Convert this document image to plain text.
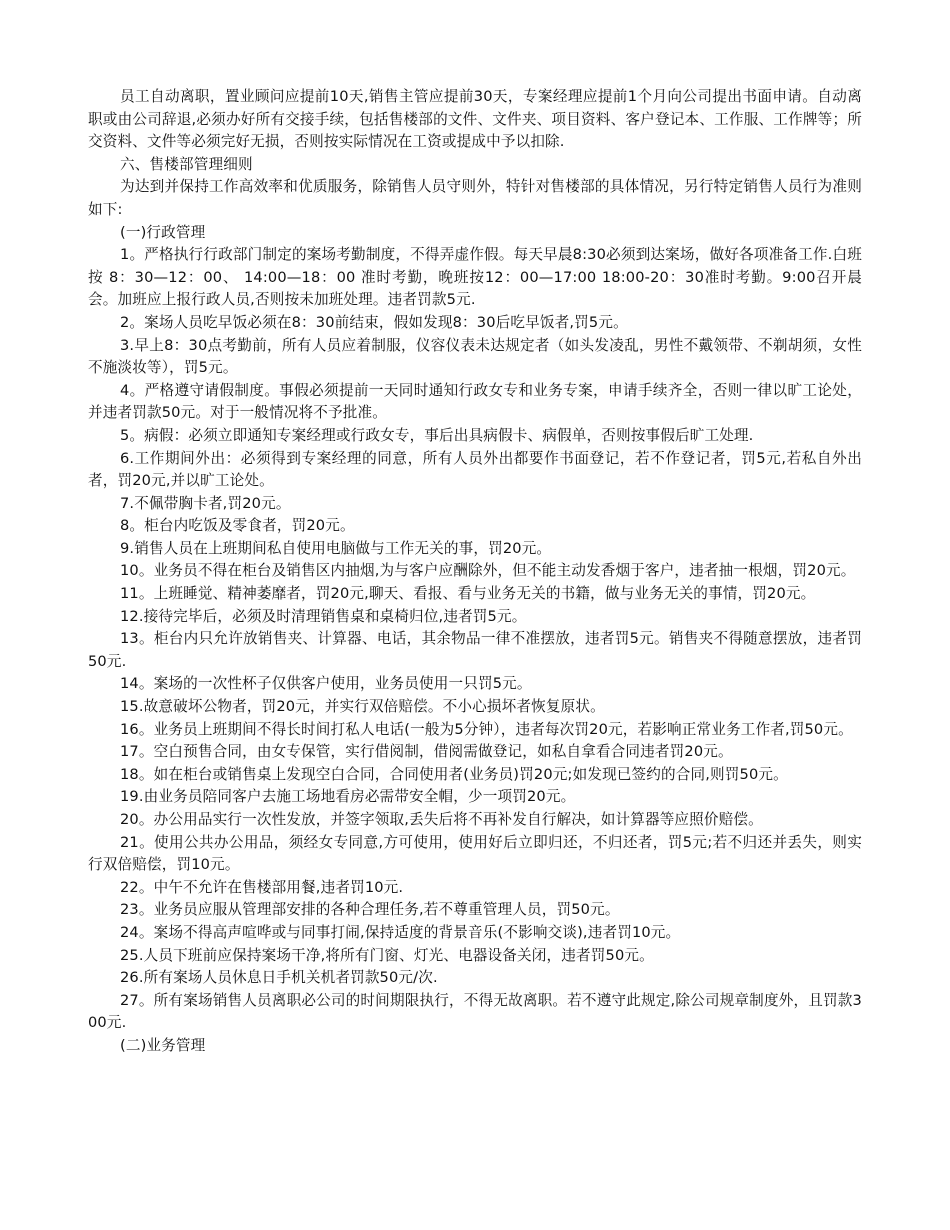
员工自动离职，置业顾问应提前10天,销售主管应提前30天，专案经理应提前1个月向公司提出书面申请。自动离职或由公司辞退,必须办好所有交接手续，包括售楼部的文件、文件夹、项目资料、客户登记本、工作服、工作牌等；所交资料、文件等必须完好无损，否则按实际情况在工资或提成中予以扣除.

六、售楼部管理细则

为达到并保持工作高效率和优质服务，除销售人员守则外，特针对售楼部的具体情况，另行特定销售人员行为准则如下:

(一)行政管理

1。严格执行行政部门制定的案场考勤制度，不得弄虚作假。每天早晨8:30必须到达案场，做好各项准备工作.白班按 8：30—12：00、 14:00—18：00 准时考勤，晚班按12：00—17:00 18:00-20：30准时考勤。9:00召开晨会。加班应上报行政人员,否则按未加班处理。违者罚款5元.

2。案场人员吃早饭必须在8：30前结束，假如发现8：30后吃早饭者,罚5元。

3.早上8：30点考勤前，所有人员应着制服，仪容仪表未达规定者（如头发凌乱，男性不戴领带、不剃胡须，女性不施淡妆等），罚5元。

4。严格遵守请假制度。事假必须提前一天同时通知行政女专和业务专案，申请手续齐全，否则一律以旷工论处，并违者罚款50元。对于一般情况将不予批准。

5。病假：必须立即通知专案经理或行政女专，事后出具病假卡、病假单，否则按事假后旷工处理.

6.工作期间外出：必须得到专案经理的同意，所有人员外出都要作书面登记，若不作登记者，罚5元,若私自外出者，罚20元,并以旷工论处。

7.不佩带胸卡者,罚20元。

8。柜台内吃饭及零食者，罚20元。

9.销售人员在上班期间私自使用电脑做与工作无关的事，罚20元。

10。业务员不得在柜台及销售区内抽烟,为与客户应酬除外，但不能主动发香烟于客户，违者抽一根烟，罚20元。

11。上班睡觉、精神萎靡者，罚20元,聊天、看报、看与业务无关的书籍，做与业务无关的事情，罚20元。

12.接待完毕后，必须及时清理销售桌和桌椅归位,违者罚5元。

13。柜台内只允许放销售夹、计算器、电话，其余物品一律不准摆放，违者罚5元。销售夹不得随意摆放，违者罚50元.

14。案场的一次性杯子仅供客户使用，业务员使用一只罚5元。

15.故意破坏公物者，罚20元，并实行双倍赔偿。不小心损坏者恢复原状。

16。业务员上班期间不得长时间打私人电话(一般为5分钟），违者每次罚20元，若影响正常业务工作者,罚50元。

17。空白预售合同，由女专保管，实行借阅制，借阅需做登记，如私自拿看合同违者罚20元。

18。如在柜台或销售桌上发现空白合同，合同使用者(业务员)罚20元;如发现已签约的合同,则罚50元。

19.由业务员陪同客户去施工场地看房必需带安全帽，少一项罚20元。

20。办公用品实行一次性发放，并签字领取,丢失后将不再补发自行解决，如计算器等应照价赔偿。

21。使用公共办公用品，须经女专同意,方可使用，使用好后立即归还，不归还者，罚5元;若不归还并丢失，则实行双倍赔偿，罚10元。

22。中午不允许在售楼部用餐,违者罚10元.

23。业务员应服从管理部安排的各种合理任务,若不尊重管理人员，罚50元。

24。案场不得高声喧哗或与同事打闹,保持适度的背景音乐(不影响交谈),违者罚10元。

25.人员下班前应保持案场干净,将所有门窗、灯光、电器设备关闭，违者罚50元。

26.所有案场人员休息日手机关机者罚款50元/次.

27。所有案场销售人员离职必公司的时间期限执行，不得无故离职。若不遵守此规定,除公司规章制度外，且罚款300元.

(二)业务管理
